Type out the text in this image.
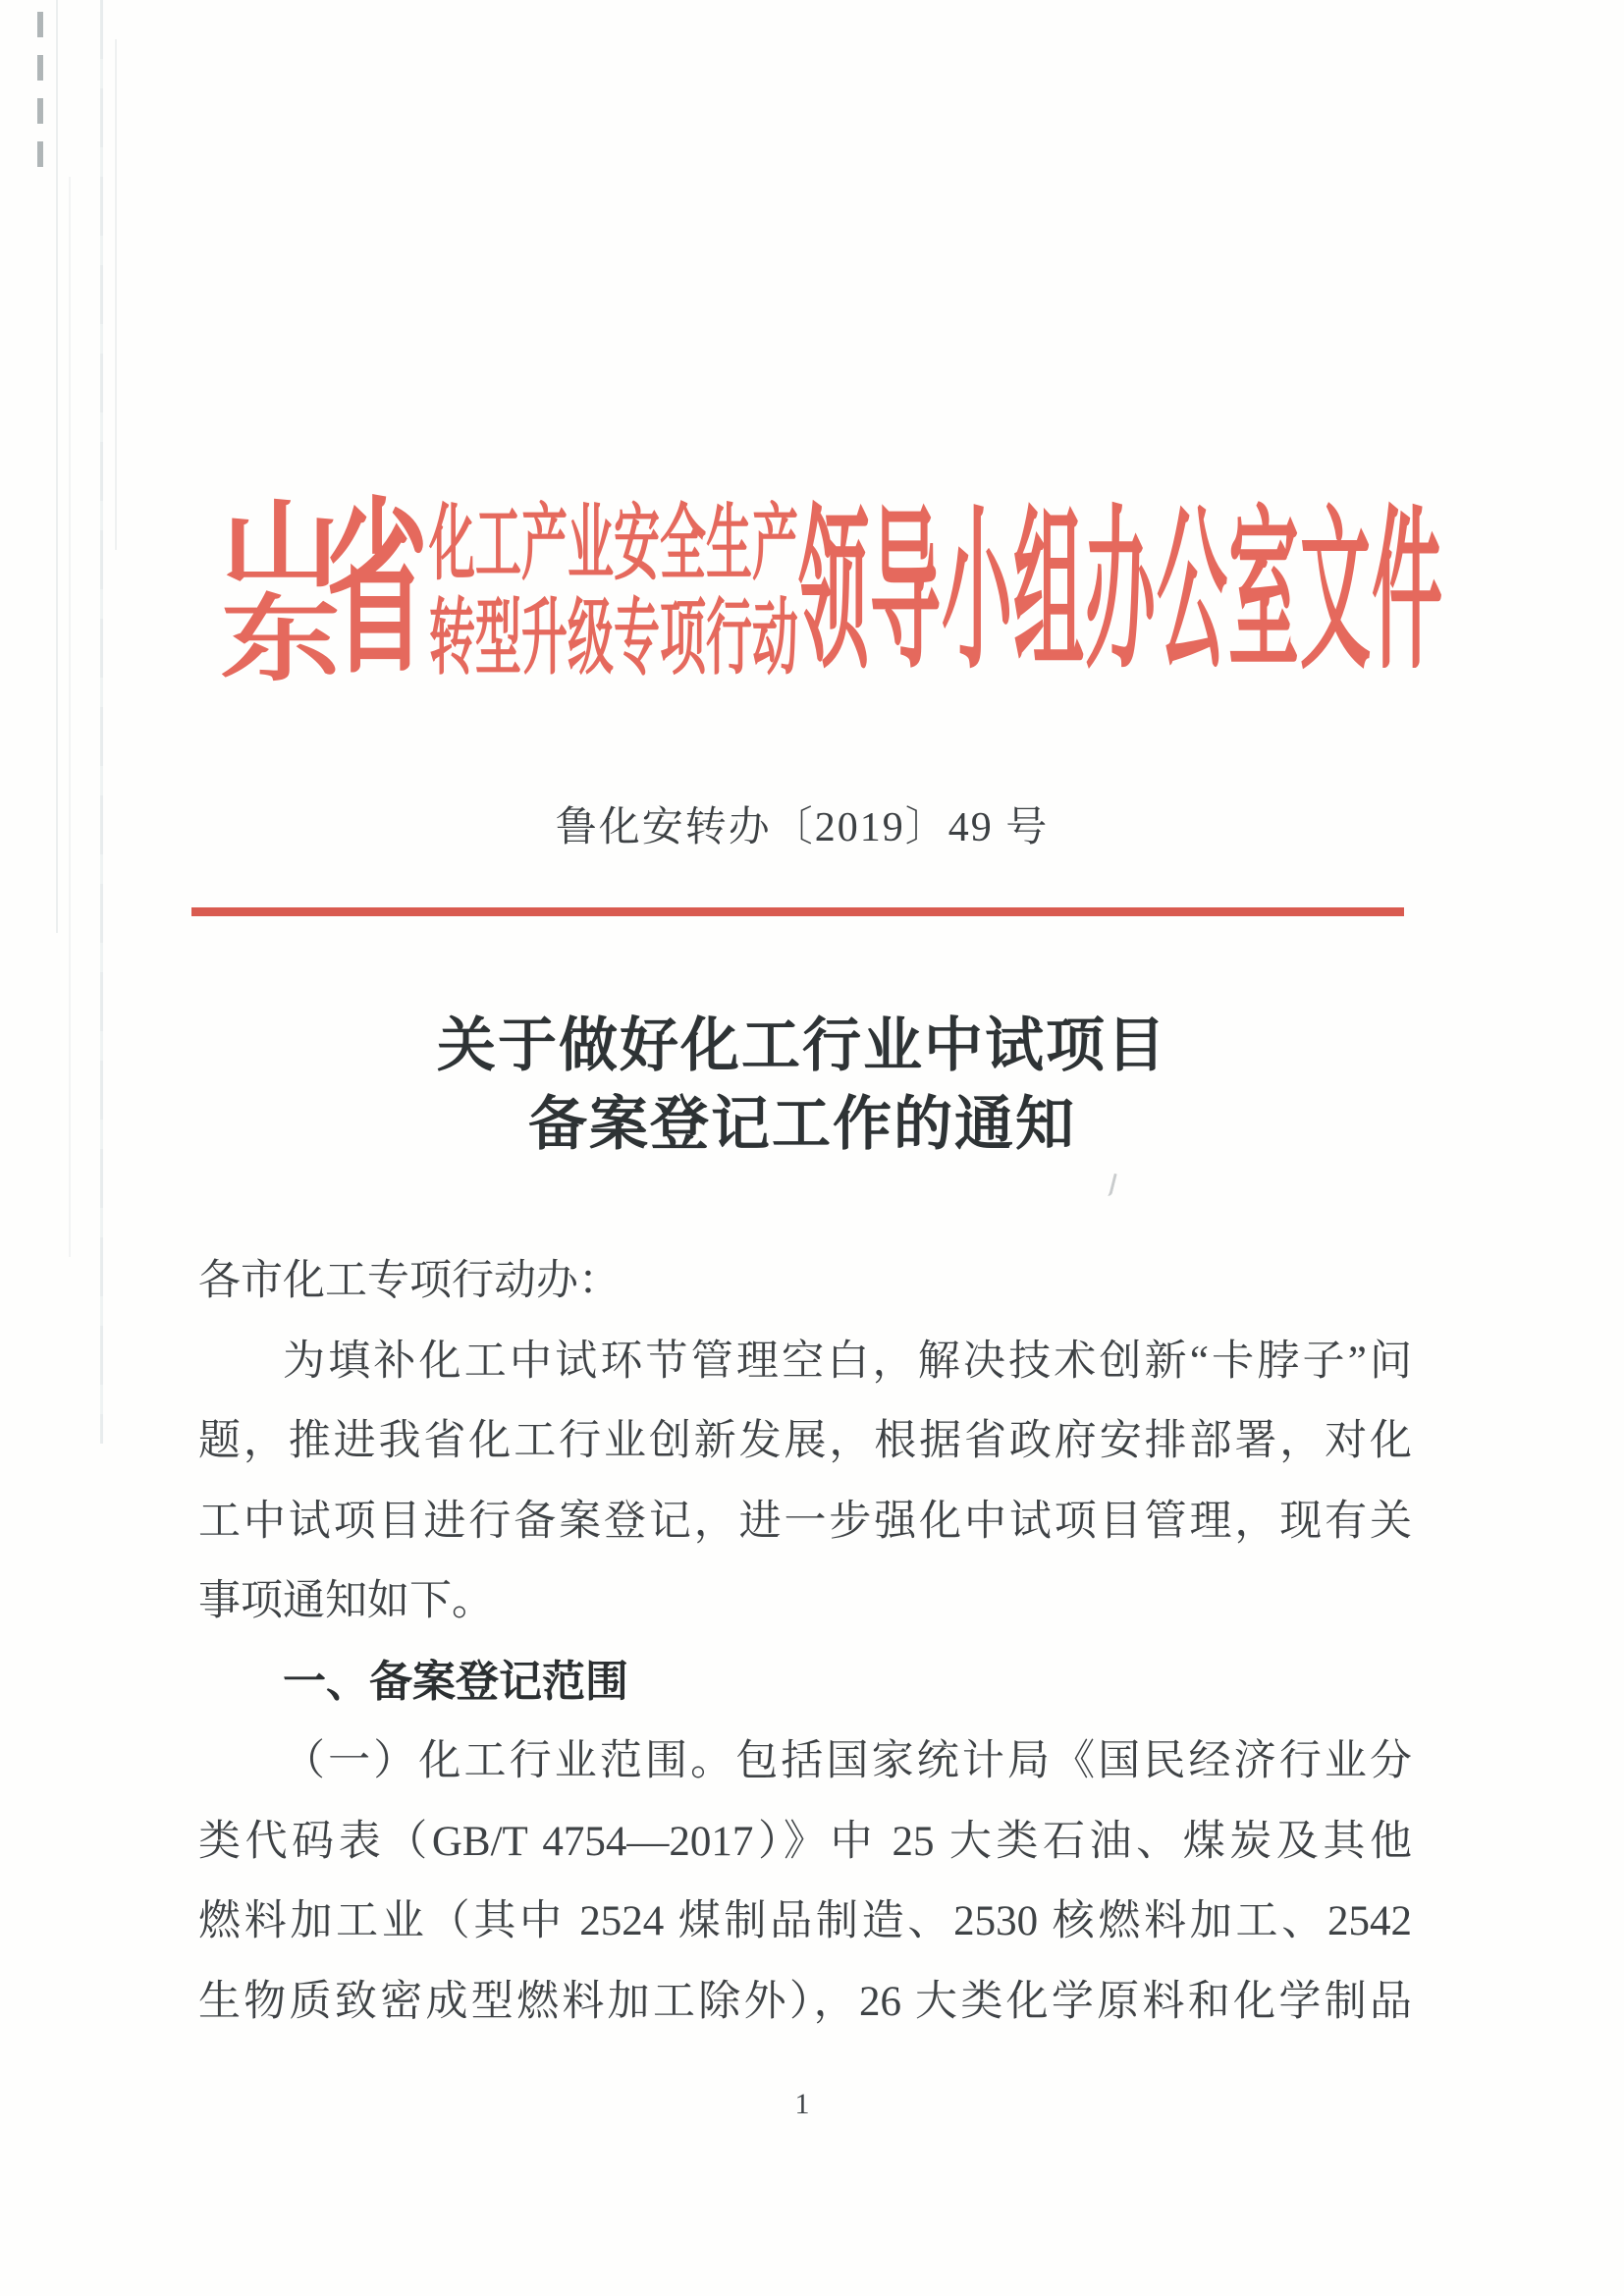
山
东
省 化工产业安全生产
转型升级专项行动 领导小组办公室文件
鲁化安转办〔2019〕49 号
关于做好化工行业中试项目
备案登记工作的通知
各市化工专项行动办：
为填补化工中试环节管理空白，解决技术创新“卡脖子”问
题，推进我省化工行业创新发展，根据省政府安排部署，对化
工中试项目进行备案登记，进一步强化中试项目管理，现有关
事项通知如下。
一、备案登记范围
（一）化工行业范围。包括国家统计局《国民经济行业分
类代码表（GB/T 4754—2017）》中 25 大类石油、煤炭及其他
燃料加工业（其中 2524 煤制品制造、2530 核燃料加工、2542
生物质致密成型燃料加工除外），26 大类化学原料和化学制品
1
